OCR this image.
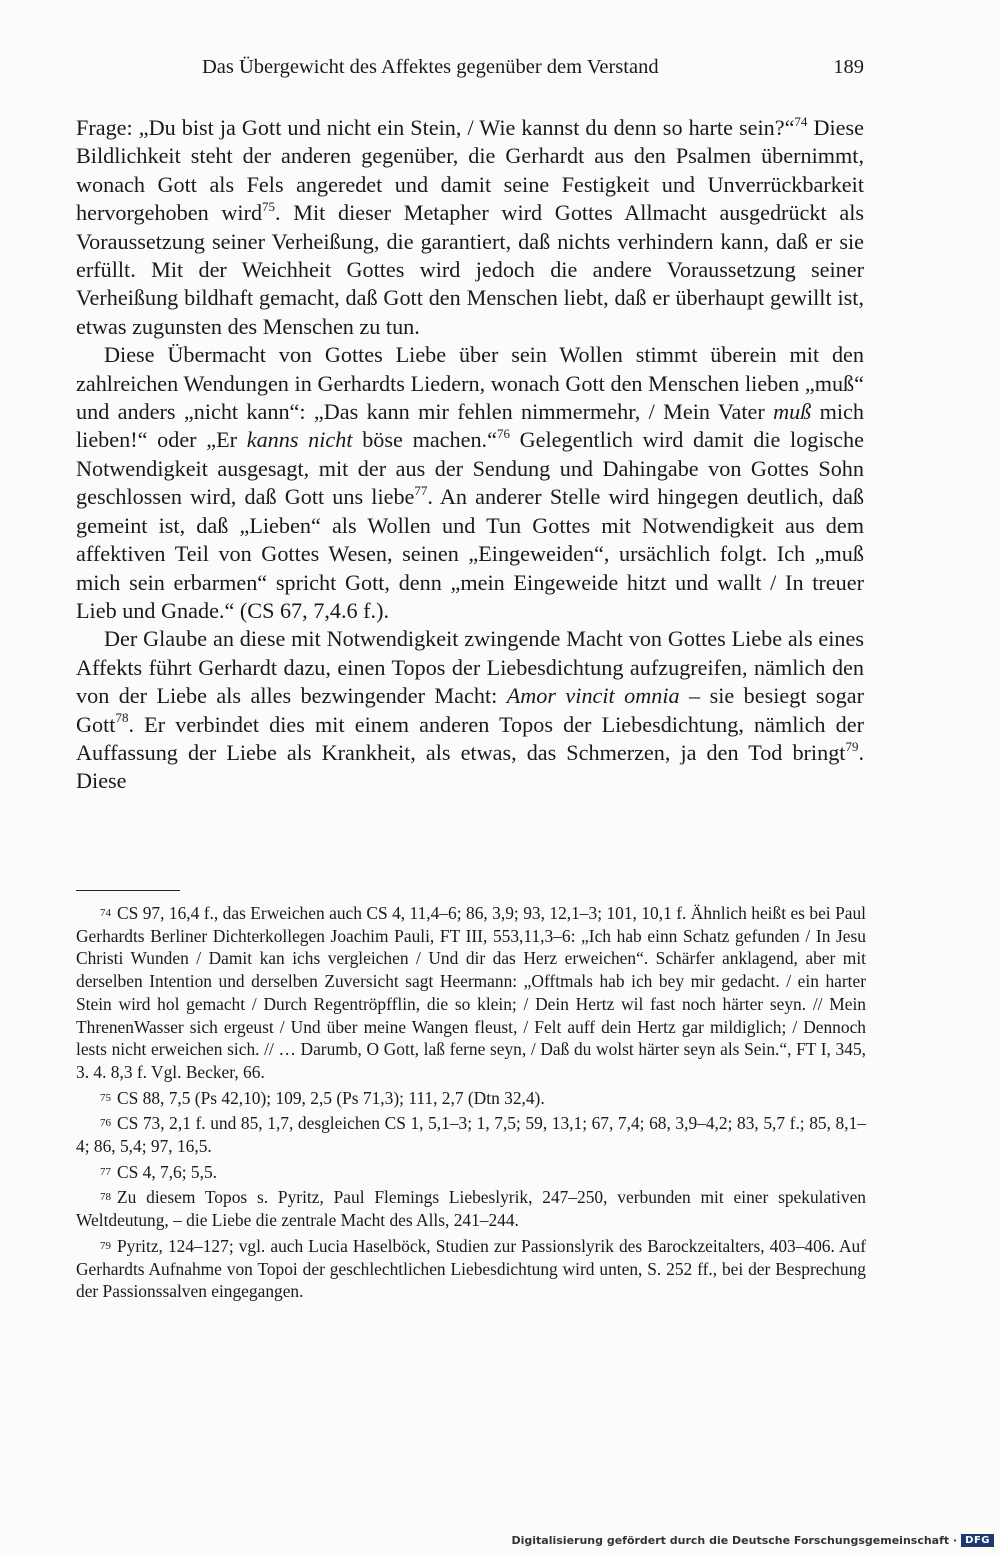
Das Übergewicht des Affektes gegenüber dem Verstand	189

Frage: „Du bist ja Gott und nicht ein Stein, / Wie kannst du denn so harte sein?“$^{74}$ Diese Bildlichkeit steht der anderen gegenüber, die Gerhardt aus den Psalmen übernimmt, wonach Gott als Fels angeredet und damit seine Festigkeit und Unverrückbarkeit hervorgehoben wird$^{75}$. Mit dieser Metapher wird Gottes Allmacht ausgedrückt als Voraussetzung seiner Verheißung, die garantiert, daß nichts verhindern kann, daß er sie erfüllt. Mit der Weichheit Gottes wird jedoch die andere Voraussetzung seiner Verheißung bildhaft gemacht, daß Gott den Menschen liebt, daß er überhaupt gewillt ist, etwas zugunsten des Menschen zu tun.

Diese Übermacht von Gottes Liebe über sein Wollen stimmt überein mit den zahlreichen Wendungen in Gerhardts Liedern, wonach Gott den Menschen lieben „muß“ und anders „nicht kann“: „Das kann mir fehlen nimmermehr, / Mein Vater muß mich lieben!“ oder „Er kanns nicht böse machen.“$^{76}$ Gelegentlich wird damit die logische Notwendigkeit ausgesagt, mit der aus der Sendung und Dahingabe von Gottes Sohn geschlossen wird, daß Gott uns liebe$^{77}$. An anderer Stelle wird hingegen deutlich, daß gemeint ist, daß „Lieben“ als Wollen und Tun Gottes mit Notwendigkeit aus dem affektiven Teil von Gottes Wesen, seinen „Eingeweiden“, ursächlich folgt. Ich „muß mich sein erbarmen“ spricht Gott, denn „mein Eingeweide hitzt und wallt / In treuer Lieb und Gnade.“ (CS 67, 7,4.6 f.).

Der Glaube an diese mit Notwendigkeit zwingende Macht von Gottes Liebe als eines Affekts führt Gerhardt dazu, einen Topos der Liebesdichtung aufzugreifen, nämlich den von der Liebe als alles bezwingender Macht: Amor vincit omnia – sie besiegt sogar Gott$^{78}$. Er verbindet dies mit einem anderen Topos der Liebesdichtung, nämlich der Auffassung der Liebe als Krankheit, als etwas, das Schmerzen, ja den Tod bringt$^{79}$. Diese

74 CS 97, 16,4 f., das Erweichen auch CS 4, 11,4–6; 86, 3,9; 93, 12,1–3; 101, 10,1 f. Ähnlich heißt es bei Paul Gerhardts Berliner Dichterkollegen Joachim Pauli, FT III, 553,11,3–6: „Ich hab einn Schatz gefunden / In Jesu Christi Wunden / Damit kan ichs vergleichen / Und dir das Herz erweichen“. Schärfer anklagend, aber mit derselben Intention und derselben Zuversicht sagt Heermann: „Offtmals hab ich bey mir gedacht. / ein harter Stein wird hol gemacht / Durch Regentröpfflin, die so klein; / Dein Hertz wil fast noch härter seyn. // Mein ThrenenWasser sich ergeust / Und über meine Wangen fleust, / Felt auff dein Hertz gar mildiglich; / Dennoch lests nicht erweichen sich. // … Darumb, O Gott, laß ferne seyn, / Daß du wolst härter seyn als Sein.“, FT I, 345, 3. 4. 8,3 f. Vgl. Becker, 66.

75 CS 88, 7,5 (Ps 42,10); 109, 2,5 (Ps 71,3); 111, 2,7 (Dtn 32,4).

76 CS 73, 2,1 f. und 85, 1,7, desgleichen CS 1, 5,1–3; 1, 7,5; 59, 13,1; 67, 7,4; 68, 3,9–4,2; 83, 5,7 f.; 85, 8,1–4; 86, 5,4; 97, 16,5.

77 CS 4, 7,6; 5,5.

78 Zu diesem Topos s. Pyritz, Paul Flemings Liebeslyrik, 247–250, verbunden mit einer spekulativen Weltdeutung, – die Liebe die zentrale Macht des Alls, 241–244.

79 Pyritz, 124–127; vgl. auch Lucia Haselböck, Studien zur Passionslyrik des Barockzeitalters, 403–406. Auf Gerhardts Aufnahme von Topoi der geschlechtlichen Liebesdichtung wird unten, S. 252 ff., bei der Besprechung der Passionssalven eingegangen.

Digitalisierung gefördert durch die Deutsche Forschungsgemeinschaft · DFG
